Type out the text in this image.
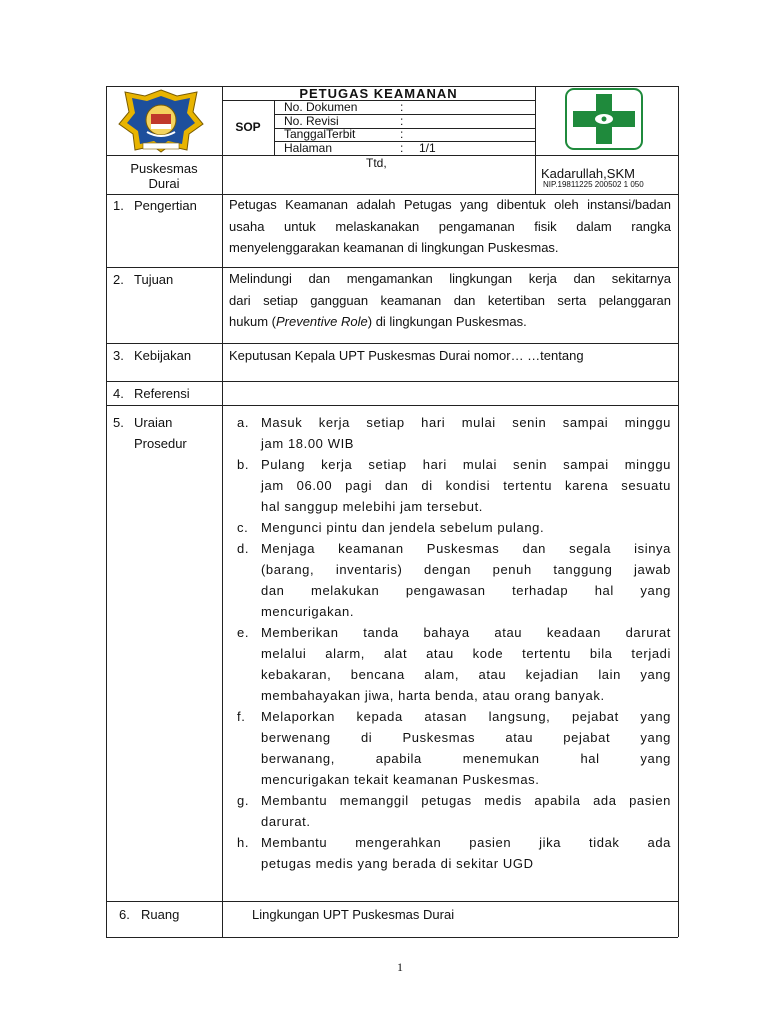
PETUGAS KEAMANAN
SOP
No. Dokumen	:
No. Revisi	:
TanggalTerbit	:
Halaman	: 1/1
Puskesmas
Durai
Ttd,
Kadarullah,SKM
NIP.19811225 200502 1 050
1. Pengertian Petugas Keamanan adalah Petugas yang dibentuk oleh instansi/badan
usaha untuk melaskanakan pengamanan fisik dalam rangka
menyelenggarakan keamanan di lingkungan Puskesmas.
2. Tujuan	Melindungi dan mengamankan lingkungan kerja dan sekitarnya
dari setiap gangguan keamanan dan ketertiban serta pelanggaran
hukum (Preventive Role) di lingkungan Puskesmas.
3. Kebijakan	Keputusan Kepala UPT Puskesmas Durai nomor… …tentang
4. Referensi
5. Uraian
Prosedur
a. Masuk kerja setiap hari mulai senin sampai minggu
jam 18.00 WIB
b. Pulang kerja setiap hari mulai senin sampai minggu
jam 06.00 pagi dan di kondisi tertentu karena sesuatu
hal sanggup melebihi jam tersebut.
c. Mengunci pintu dan jendela sebelum pulang.
d. Menjaga keamanan Puskesmas dan segala isinya
(barang, inventaris) dengan penuh tanggung jawab
dan melakukan pengawasan terhadap hal yang
mencurigakan.
e. Memberikan tanda bahaya atau keadaan darurat
melalui alarm, alat atau kode tertentu bila terjadi
kebakaran, bencana alam, atau kejadian lain yang
membahayakan jiwa, harta benda, atau orang banyak.
f. Melaporkan kepada atasan langsung, pejabat yang
berwenang di Puskesmas atau pejabat yang
berwanang, apabila menemukan hal yang
mencurigakan tekait keamanan Puskesmas.
g. Membantu memanggil petugas medis apabila ada pasien
darurat.
h. Membantu mengerahkan pasien jika tidak ada
petugas medis yang berada di sekitar UGD
6. Ruang	Lingkungan UPT Puskesmas Durai
1
